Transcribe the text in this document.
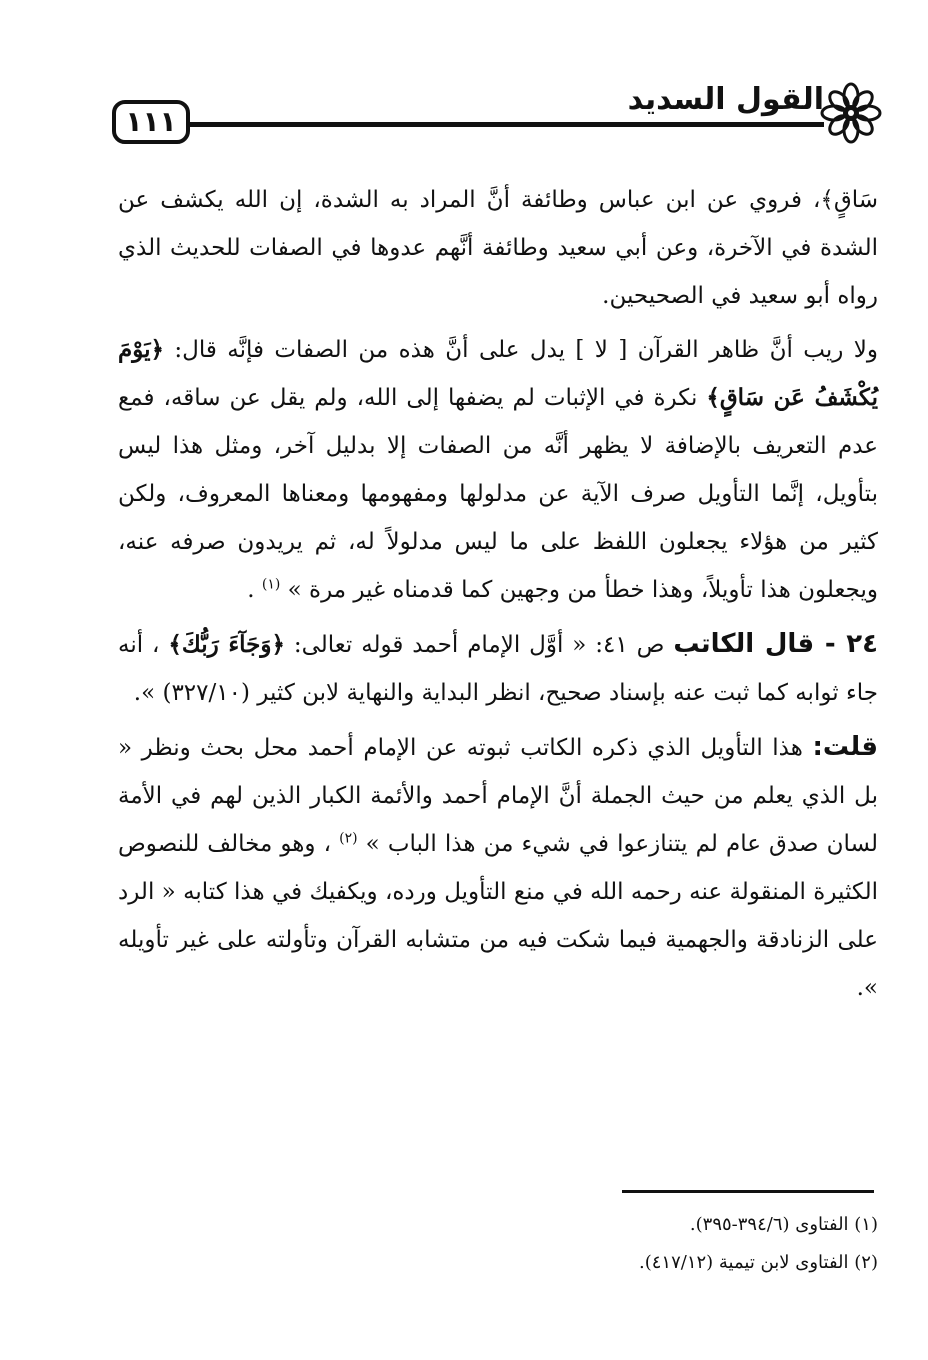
القول السديد
١١١

سَاقٍ﴾، فروي عن ابن عباس وطائفة أنَّ المراد به الشدة، إن الله يكشف عن الشدة في الآخرة، وعن أبي سعيد وطائفة أنَّهم عدوها في الصفات للحديث الذي رواه أبو سعيد في الصحيحين.

ولا ريب أنَّ ظاهر القرآن [ لا ] يدل على أنَّ هذه من الصفات فإنَّه قال: ﴿يَوْمَ يُكْشَفُ عَن سَاقٍ﴾ نكرة في الإثبات لم يضفها إلى الله، ولم يقل عن ساقه، فمع عدم التعريف بالإضافة لا يظهر أنَّه من الصفات إلا بدليل آخر، ومثل هذا ليس بتأويل، إنَّما التأويل صرف الآية عن مدلولها ومفهومها ومعناها المعروف، ولكن كثير من هؤلاء يجعلون اللفظ على ما ليس مدلولاً له، ثم يريدون صرفه عنه، ويجعلون هذا تأويلاً، وهذا خطأ من وجهين كما قدمناه غير مرة » $^{(١)}$ .

٢٤ - قال الكاتب ص ٤١: « أوَّل الإمام أحمد قوله تعالى: ﴿وَجَآءَ رَبُّكَ﴾ ، أنه جاء ثوابه كما ثبت عنه بإسناد صحيح، انظر البداية والنهاية لابن كثير (٣٢٧/١٠) ».

قلت: هذا التأويل الذي ذكره الكاتب ثبوته عن الإمام أحمد محل بحث ونظر « بل الذي يعلم من حيث الجملة أنَّ الإمام أحمد والأئمة الكبار الذين لهم في الأمة لسان صدق عام لم يتنازعوا في شيء من هذا الباب » $^{(٢)}$ ، وهو مخالف للنصوص الكثيرة المنقولة عنه رحمه الله في منع التأويل ورده، ويكفيك في هذا كتابه « الرد على الزنادقة والجهمية فيما شكت فيه من متشابه القرآن وتأولته على غير تأويله ».

(١) الفتاوى (٣٩٤/٦-٣٩٥).

(٢) الفتاوى لابن تيمية (٤١٧/١٢).
